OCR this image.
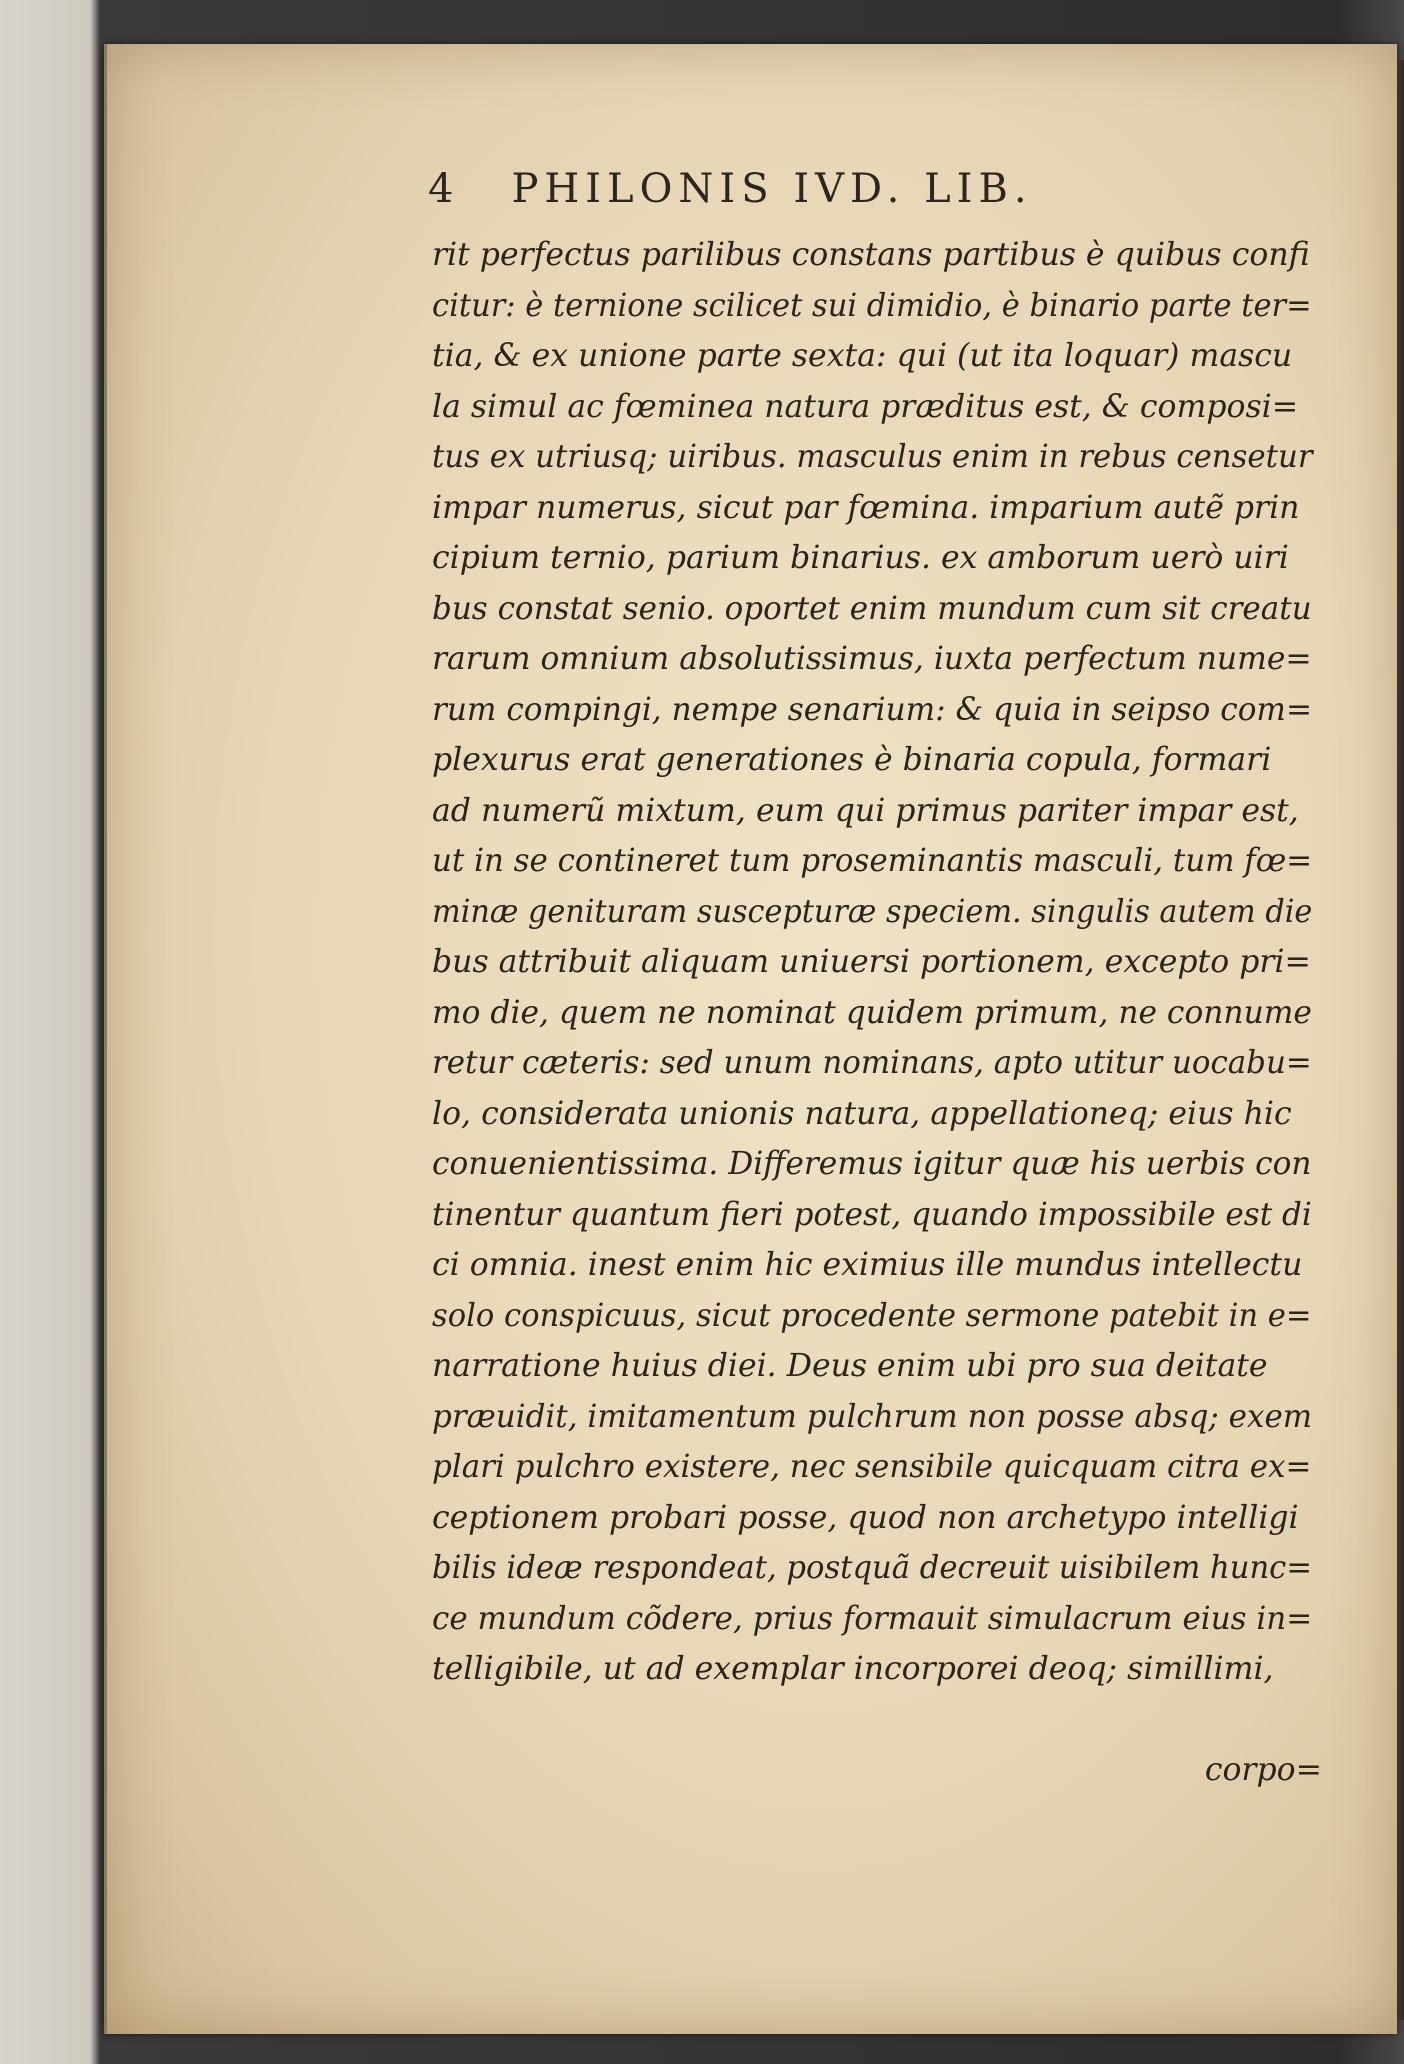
4 PHILONIS IVD. LIB.
rit perfectus parilibus constans partibus è quibus confi
citur: è ternione scilicet sui dimidio, è binario parte ter=
tia, & ex unione parte sexta: qui (ut ita loquar) mascu
la simul ac fœminea natura præditus est, & composi=
tus ex utriusq; uiribus. masculus enim in rebus censetur
impar numerus, sicut par fœmina. imparium autẽ prin
cipium ternio, parium binarius. ex amborum uerò uiri
bus constat senio. oportet enim mundum cum sit creatu
rarum omnium absolutissimus, iuxta perfectum nume=
rum compingi, nempe senarium: & quia in seipso com=
plexurus erat generationes è binaria copula, formari
ad numerũ mixtum, eum qui primus pariter impar est,
ut in se contineret tum proseminantis masculi, tum fœ=
minæ genituram suscepturæ speciem. singulis autem die
bus attribuit aliquam uniuersi portionem, excepto pri=
mo die, quem ne nominat quidem primum, ne connume
retur cæteris: sed unum nominans, apto utitur uocabu=
lo, considerata unionis natura, appellationeq; eius hic
conuenientissima. Differemus igitur quæ his uerbis con
tinentur quantum fieri potest, quando impossibile est di
ci omnia. inest enim hic eximius ille mundus intellectu
solo conspicuus, sicut procedente sermone patebit in e=
narratione huius diei. Deus enim ubi pro sua deitate
præuidit, imitamentum pulchrum non posse absq; exem
plari pulchro existere, nec sensibile quicquam citra ex=
ceptionem probari posse, quod non archetypo intelligi
bilis ideæ respondeat, postquã decreuit uisibilem hunc=
ce mundum cõdere, prius formauit simulacrum eius in=
telligibile, ut ad exemplar incorporei deoq; simillimi,
corpo=
